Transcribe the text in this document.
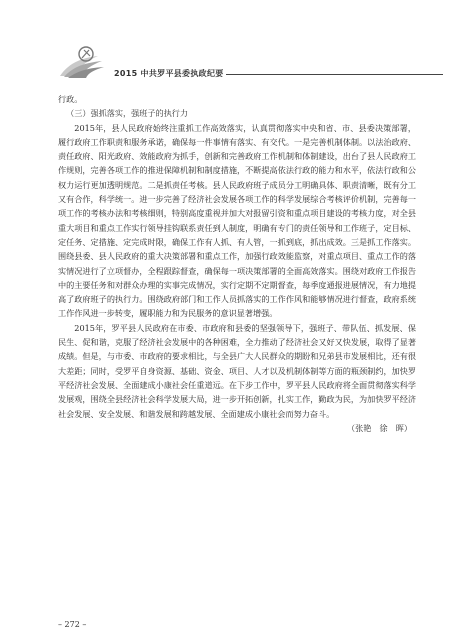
2015 中共罗平县委执政纪要

行政。

（三）强抓落实，强班子的执行力

2015年，县人民政府始终注重抓工作高效落实，认真贯彻落实中央和省、市、县委决策部署，履行政府工作职责和服务承诺，确保每一件事情有落实、有交代。一是完善机制体制。以法治政府、责任政府、阳光政府、效能政府为抓手，创新和完善政府工作机制和体制建设，出台了县人民政府工作规则，完善各项工作的推进保障机制和制度措施，不断提高依法行政的能力和水平，依法行政和公权力运行更加透明规范。二是抓责任考核。县人民政府班子成员分工明确具体、职责清晰，既有分工又有合作，科学统一。进一步完善了经济社会发展各项工作的科学发展综合考核评价机制，完善每一项工作的考核办法和考核细则，特别高度重视并加大对报留引资和重点项目建设的考核力度，对全县重大项目和重点工作实行领导挂钩联系责任到人制度，明确有专门的责任领导和工作班子，定目标、定任务、定措施、定完成时限，确保工作有人抓、有人管，一抓到底，抓出成效。三是抓工作落实。围绕县委、县人民政府的重大决策部署和重点工作，加强行政效能监察，对重点项目、重点工作的落实情况进行了立项督办，全程跟踪督查，确保每一项决策部署的全面高效落实。围绕对政府工作报告中的主要任务和对群众办理的实事完成情况，实行定期不定期督查，每季度通报进展情况，有力地提高了政府班子的执行力。围绕政府部门和工作人员抓落实的工作作风和能够情况进行督查，政府系统工作作风进一步转变，履职能力和为民服务的意识显著增强。

2015年，罗平县人民政府在市委、市政府和县委的坚强领导下，强班子、带队伍、抓发展、保民生、促和谐，克服了经济社会发展中的各种困难，全力推动了经济社会又好又快发展，取得了显著成绩。但是，与市委、市政府的要求相比，与全县广大人民群众的期盼和兄弟县市发展相比，还有很大差距；同时，受罗平自身资源、基础、资金、项目、人才以及机制体制等方面的瓶颈制约，加快罗平经济社会发展、全面建成小康社会任重道远。在下步工作中，罗平县人民政府将全面贯彻落实科学发展观，围绕全县经济社会科学发展大局，进一步开拓创新，扎实工作，勤政为民，为加快罗平经济社会发展、安全发展、和谐发展和跨越发展、全面建成小康社会而努力奋斗。

（张艳　徐　晖）

– 272 –
